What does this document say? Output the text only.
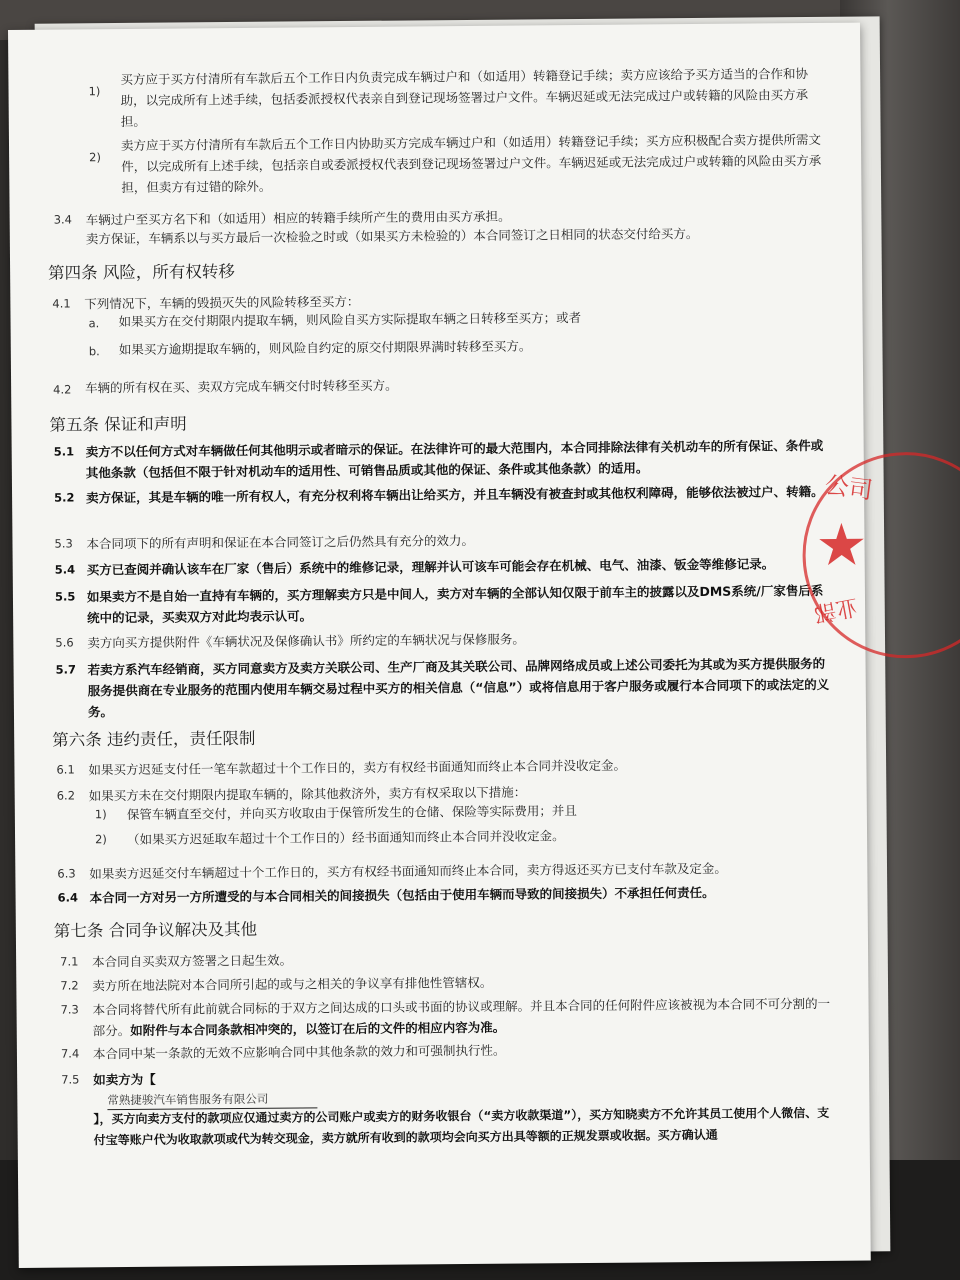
1)
买方应于买方付清所有车款后五个工作日内负责完成车辆过户和（如适用）转籍登记手续；卖方应该给予买方适当的合作和协助，以完成所有上述手续，包括委派授权代表亲自到登记现场签署过户文件。车辆迟延或无法完成过户或转籍的风险由买方承担。
2)
卖方应于买方付清所有车款后五个工作日内协助买方完成车辆过户和（如适用）转籍登记手续；买方应积极配合卖方提供所需文件，以完成所有上述手续，包括亲自或委派授权代表到登记现场签署过户文件。车辆迟延或无法完成过户或转籍的风险由买方承担，但卖方有过错的除外。
3.4 车辆过户至买方名下和（如适用）相应的转籍手续所产生的费用由买方承担。
卖方保证，车辆系以与买方最后一次检验之时或（如果买方未检验的）本合同签订之日相同的状态交付给买方。
第四条 风险，所有权转移
4.1 下列情况下，车辆的毁损灭失的风险转移至买方：
a. 如果买方在交付期限内提取车辆，则风险自买方实际提取车辆之日转移至买方；或者
b. 如果买方逾期提取车辆的，则风险自约定的原交付期限界满时转移至买方。
4.2 车辆的所有权在买、卖双方完成车辆交付时转移至买方。
第五条 保证和声明
5.1 卖方不以任何方式对车辆做任何其他明示或者暗示的保证。在法律许可的最大范围内，本合同排除法律有关机动车的所有保证、条件或其他条款（包括但不限于针对机动车的适用性、可销售品质或其他的保证、条件或其他条款）的适用。
5.2 卖方保证，其是车辆的唯一所有权人，有充分权利将车辆出让给买方，并且车辆没有被查封或其他权利障碍，能够依法被过户、转籍。
5.3 本合同项下的所有声明和保证在本合同签订之后仍然具有充分的效力。
5.4 买方已查阅并确认该车在厂家（售后）系统中的维修记录，理解并认可该车可能会存在机械、电气、油漆、钣金等维修记录。
5.5 如果卖方不是自始一直持有车辆的，买方理解卖方只是中间人，卖方对车辆的全部认知仅限于前车主的披露以及DMS系统/厂家售后系统中的记录，买卖双方对此均表示认可。
5.6 卖方向买方提供附件《车辆状况及保修确认书》所约定的车辆状况与保修服务。
5.7 若卖方系汽车经销商，买方同意卖方及卖方关联公司、生产厂商及其关联公司、品牌网络成员或上述公司委托为其或为买方提供服务的服务提供商在专业服务的范围内使用车辆交易过程中买方的相关信息（“信息”）或将信息用于客户服务或履行本合同项下的或法定的义务。
第六条 违约责任，责任限制
6.1 如果买方迟延支付任一笔车款超过十个工作日的，卖方有权经书面通知而终止本合同并没收定金。
6.2 如果买方未在交付期限内提取车辆的，除其他救济外，卖方有权采取以下措施：
1) 保管车辆直至交付，并向买方收取由于保管所发生的仓储、保险等实际费用；并且
2) （如果买方迟延取车超过十个工作日的）经书面通知而终止本合同并没收定金。
6.3 如果卖方迟延交付车辆超过十个工作日的，买方有权经书面通知而终止本合同，卖方得返还买方已支付车款及定金。
6.4 本合同一方对另一方所遭受的与本合同相关的间接损失（包括由于使用车辆而导致的间接损失）不承担任何责任。
第七条 合同争议解决及其他
7.1 本合同自买卖双方签署之日起生效。
7.2 卖方所在地法院对本合同所引起的或与之相关的争议享有排他性管辖权。
7.3 本合同将替代所有此前就合同标的于双方之间达成的口头或书面的协议或理解。并且本合同的任何附件应该被视为本合同不可分割的一部分。如附件与本合同条款相冲突的，以签订在后的文件的相应内容为准。
7.4 本合同中某一条款的无效不应影响合同中其他条款的效力和可强制执行性。
7.5 如卖方为【
常熟捷骏汽车销售服务有限公司
】，买方向卖方支付的款项应仅通过卖方的公司账户或卖方的财务收银台（“卖方收款渠道”），买方知晓卖方不允许其员工使用个人微信、支付宝等账户代为收取款项或代为转交现金，卖方就所有收到的款项均会向买方出具等额的正规发票或收据。买方确认通
公司
★
业部
